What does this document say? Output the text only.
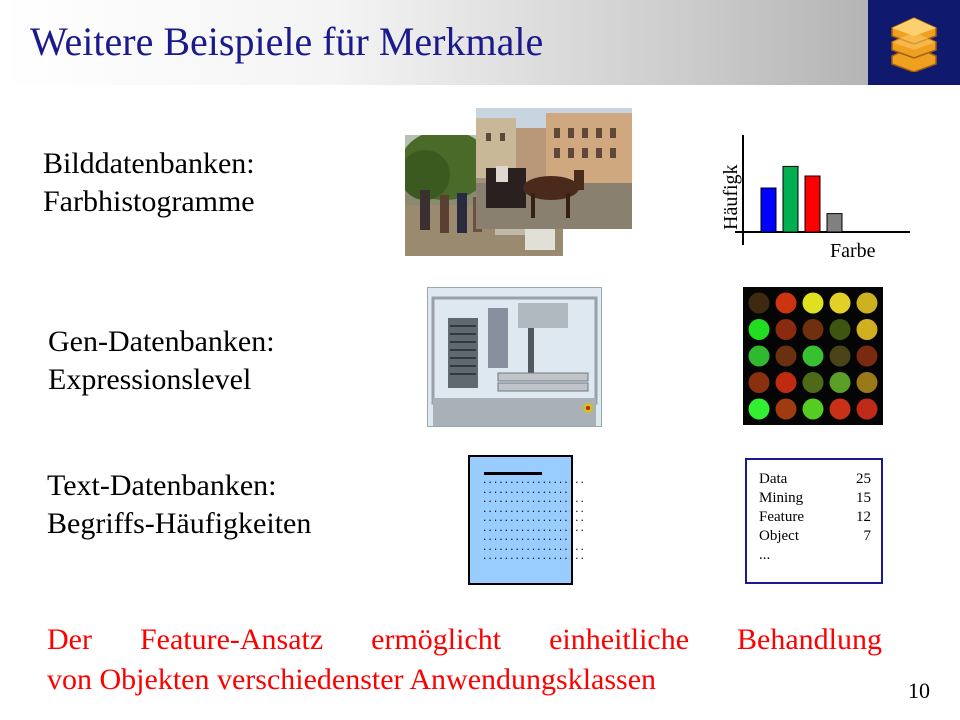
Weitere Beispiele für Merkmale
Bilddatenbanken:
Farbhistogramme	Häufigk
Farbe
Gen-Datenbanken:
Expressionslevel
Text-Datenbanken:
Begriffs-Häufigkeiten
...................
................
...................
...................
...................
...................
................
...................
...................
Data	25
Mining	15
Feature	12
Object	7
...
Der Feature-Ansatz ermöglicht einheitliche Behandlung
von Objekten verschiedenster Anwendungsklassen	10
